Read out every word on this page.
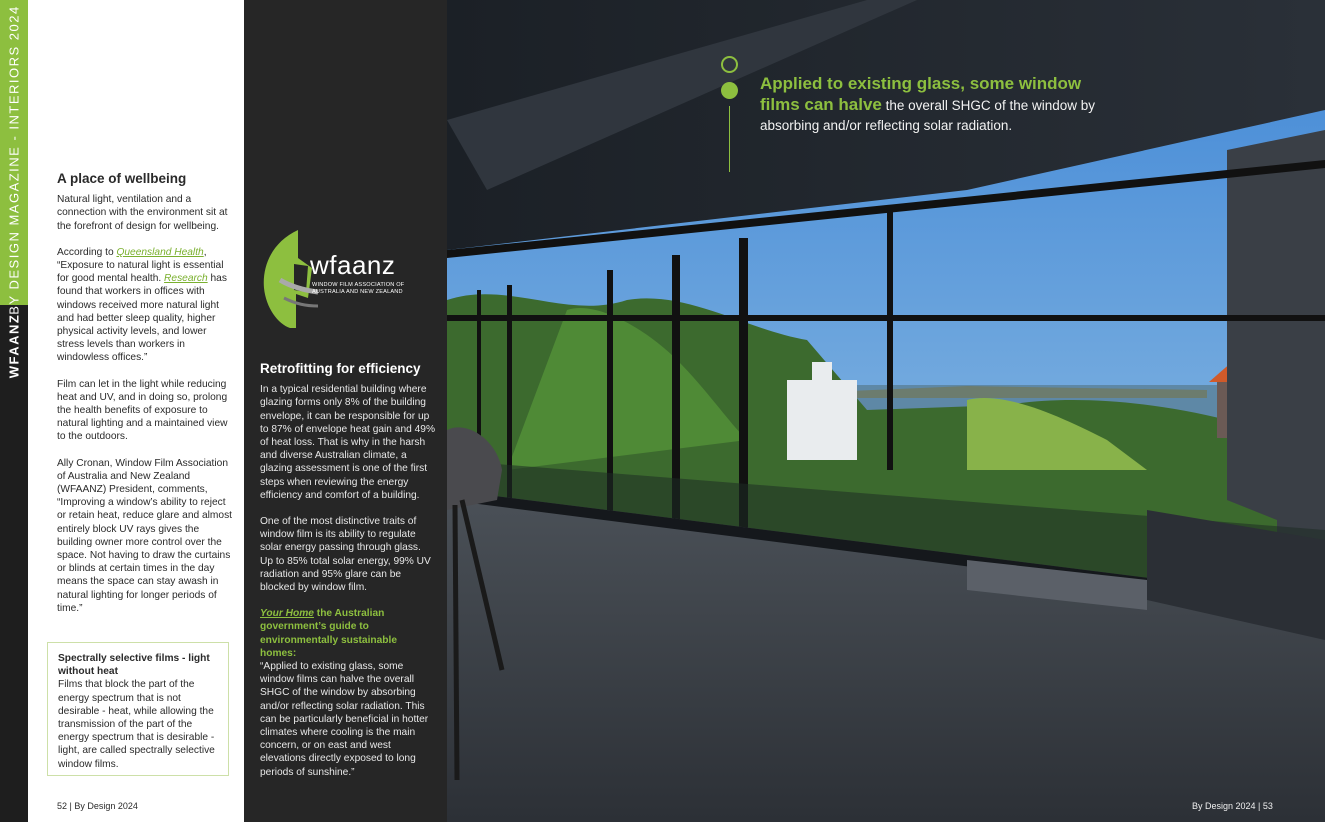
BY DESIGN MAGAZINE - INTERIORS 2024
WFAANZ
A place of wellbeing

Natural light, ventilation and a connection with the environment sit at the forefront of design for wellbeing.

According to Queensland Health, “Exposure to natural light is essential for good mental health. Research has found that workers in offices with windows received more natural light and had better sleep quality, higher physical activity levels, and lower stress levels than workers in windowless offices.”

Film can let in the light while reducing heat and UV, and in doing so, prolong the health benefits of exposure to natural lighting and a maintained view to the outdoors.

Ally Cronan, Window Film Association of Australia and New Zealand (WFAANZ) President, comments, “Improving a window’s ability to reject or retain heat, reduce glare and almost entirely block UV rays gives the building owner more control over the space. Not having to draw the curtains or blinds at certain times in the day means the space can stay awash in natural lighting for longer periods of time.”

Spectrally selective films - light without heat
Films that block the part of the energy spectrum that is not desirable - heat, while allowing the transmission of the part of the energy spectrum that is desirable - light, are called spectrally selective window films.
52 | By Design 2024
wfaanz
WINDOW FILM ASSOCIATION OF AUSTRALIA AND NEW ZEALAND
Retrofitting for efficiency

In a typical residential building where glazing forms only 8% of the building envelope, it can be responsible for up to 87% of envelope heat gain and 49% of heat loss. That is why in the harsh and diverse Australian climate, a glazing assessment is one of the first steps when reviewing the energy efficiency and comfort of a building.

One of the most distinctive traits of window film is its ability to regulate solar energy passing through glass. Up to 85% total solar energy, 99% UV radiation and 95% glare can be blocked by window film.

Your Home the Australian government’s guide to environmentally sustainable homes:
“Applied to existing glass, some window films can halve the overall SHGC of the window by absorbing and/or reflecting solar radiation. This can be particularly beneficial in hotter climates where cooling is the main concern, or on east and west elevations directly exposed to long periods of sunshine.”

Applied to existing glass, some window films can halve the overall SHGC of the window by absorbing and/or reflecting solar radiation.
By Design 2024 | 53
